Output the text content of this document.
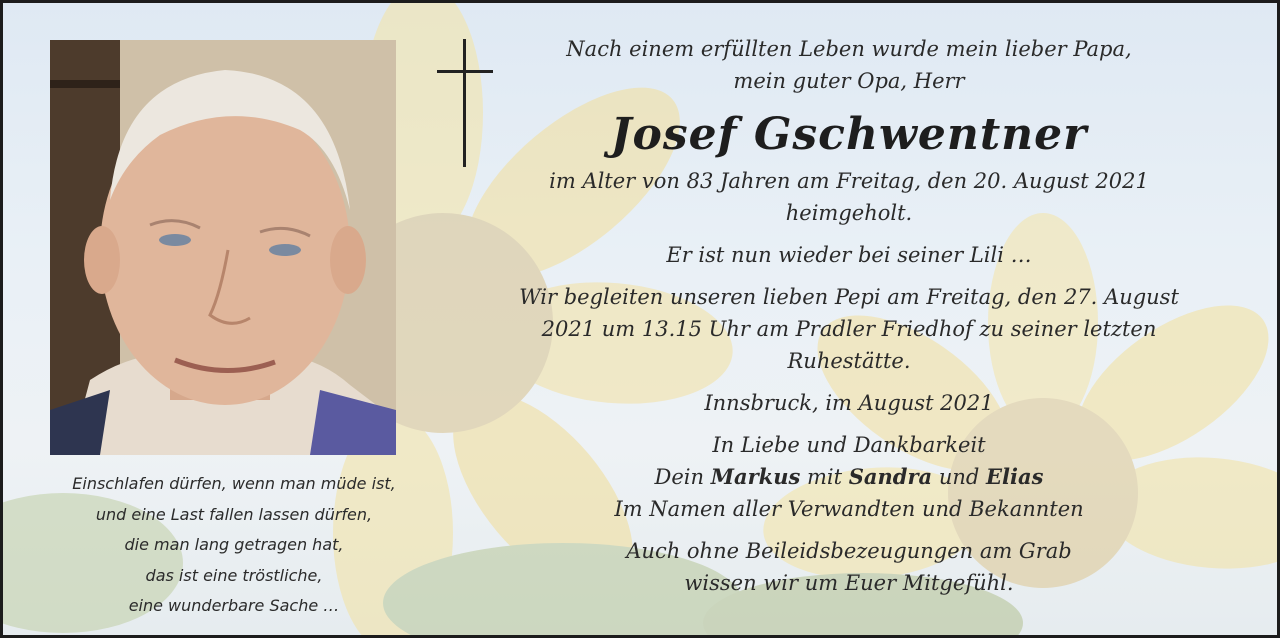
Einschlafen dürfen, wenn man müde ist,
und eine Last fallen lassen dürfen,
die man lang getragen hat,
das ist eine tröstliche,
eine wunderbare Sache …
Nach einem erfüllten Leben wurde mein lieber Papa,
mein guter Opa, Herr
Josef Gschwentner
im Alter von 83 Jahren am Freitag, den 20. August 2021
heimgeholt.
Er ist nun wieder bei seiner Lili …
Wir begleiten unseren lieben Pepi am Freitag, den 27. August
2021 um 13.15 Uhr am Pradler Friedhof zu seiner letzten
Ruhestätte.
Innsbruck, im August 2021
In Liebe und Dankbarkeit
Dein Markus mit Sandra und Elias
Im Namen aller Verwandten und Bekannten
Auch ohne Beileidsbezeugungen am Grab
wissen wir um Euer Mitgefühl.
